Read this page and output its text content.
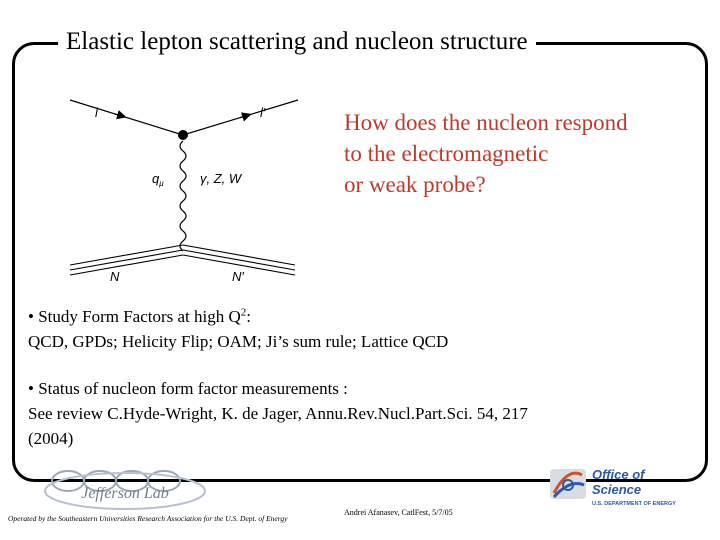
Elastic lepton scattering and nucleon structure
l	l′
$q_\mu$	γ, Z, W
N	N′
How does the nucleon respond
to the electromagnetic
or weak probe?
• Study Form Factors at high $Q^2$:
QCD, GPDs; Helicity Flip; OAM; Ji’s sum rule; Lattice QCD
• Status of nucleon form factor measurements :
See review C.Hyde-Wright, K. de Jager, Annu.Rev.Nucl.Part.Sci. 54, 217
(2004)
Jefferson Lab
Operated by the Southeastern Universities Research Association for the U.S. Dept. of Energy
Andrei Afanasev, CatlFest, 5/7/05
Office of
Science
U.S. DEPARTMENT OF ENERGY
